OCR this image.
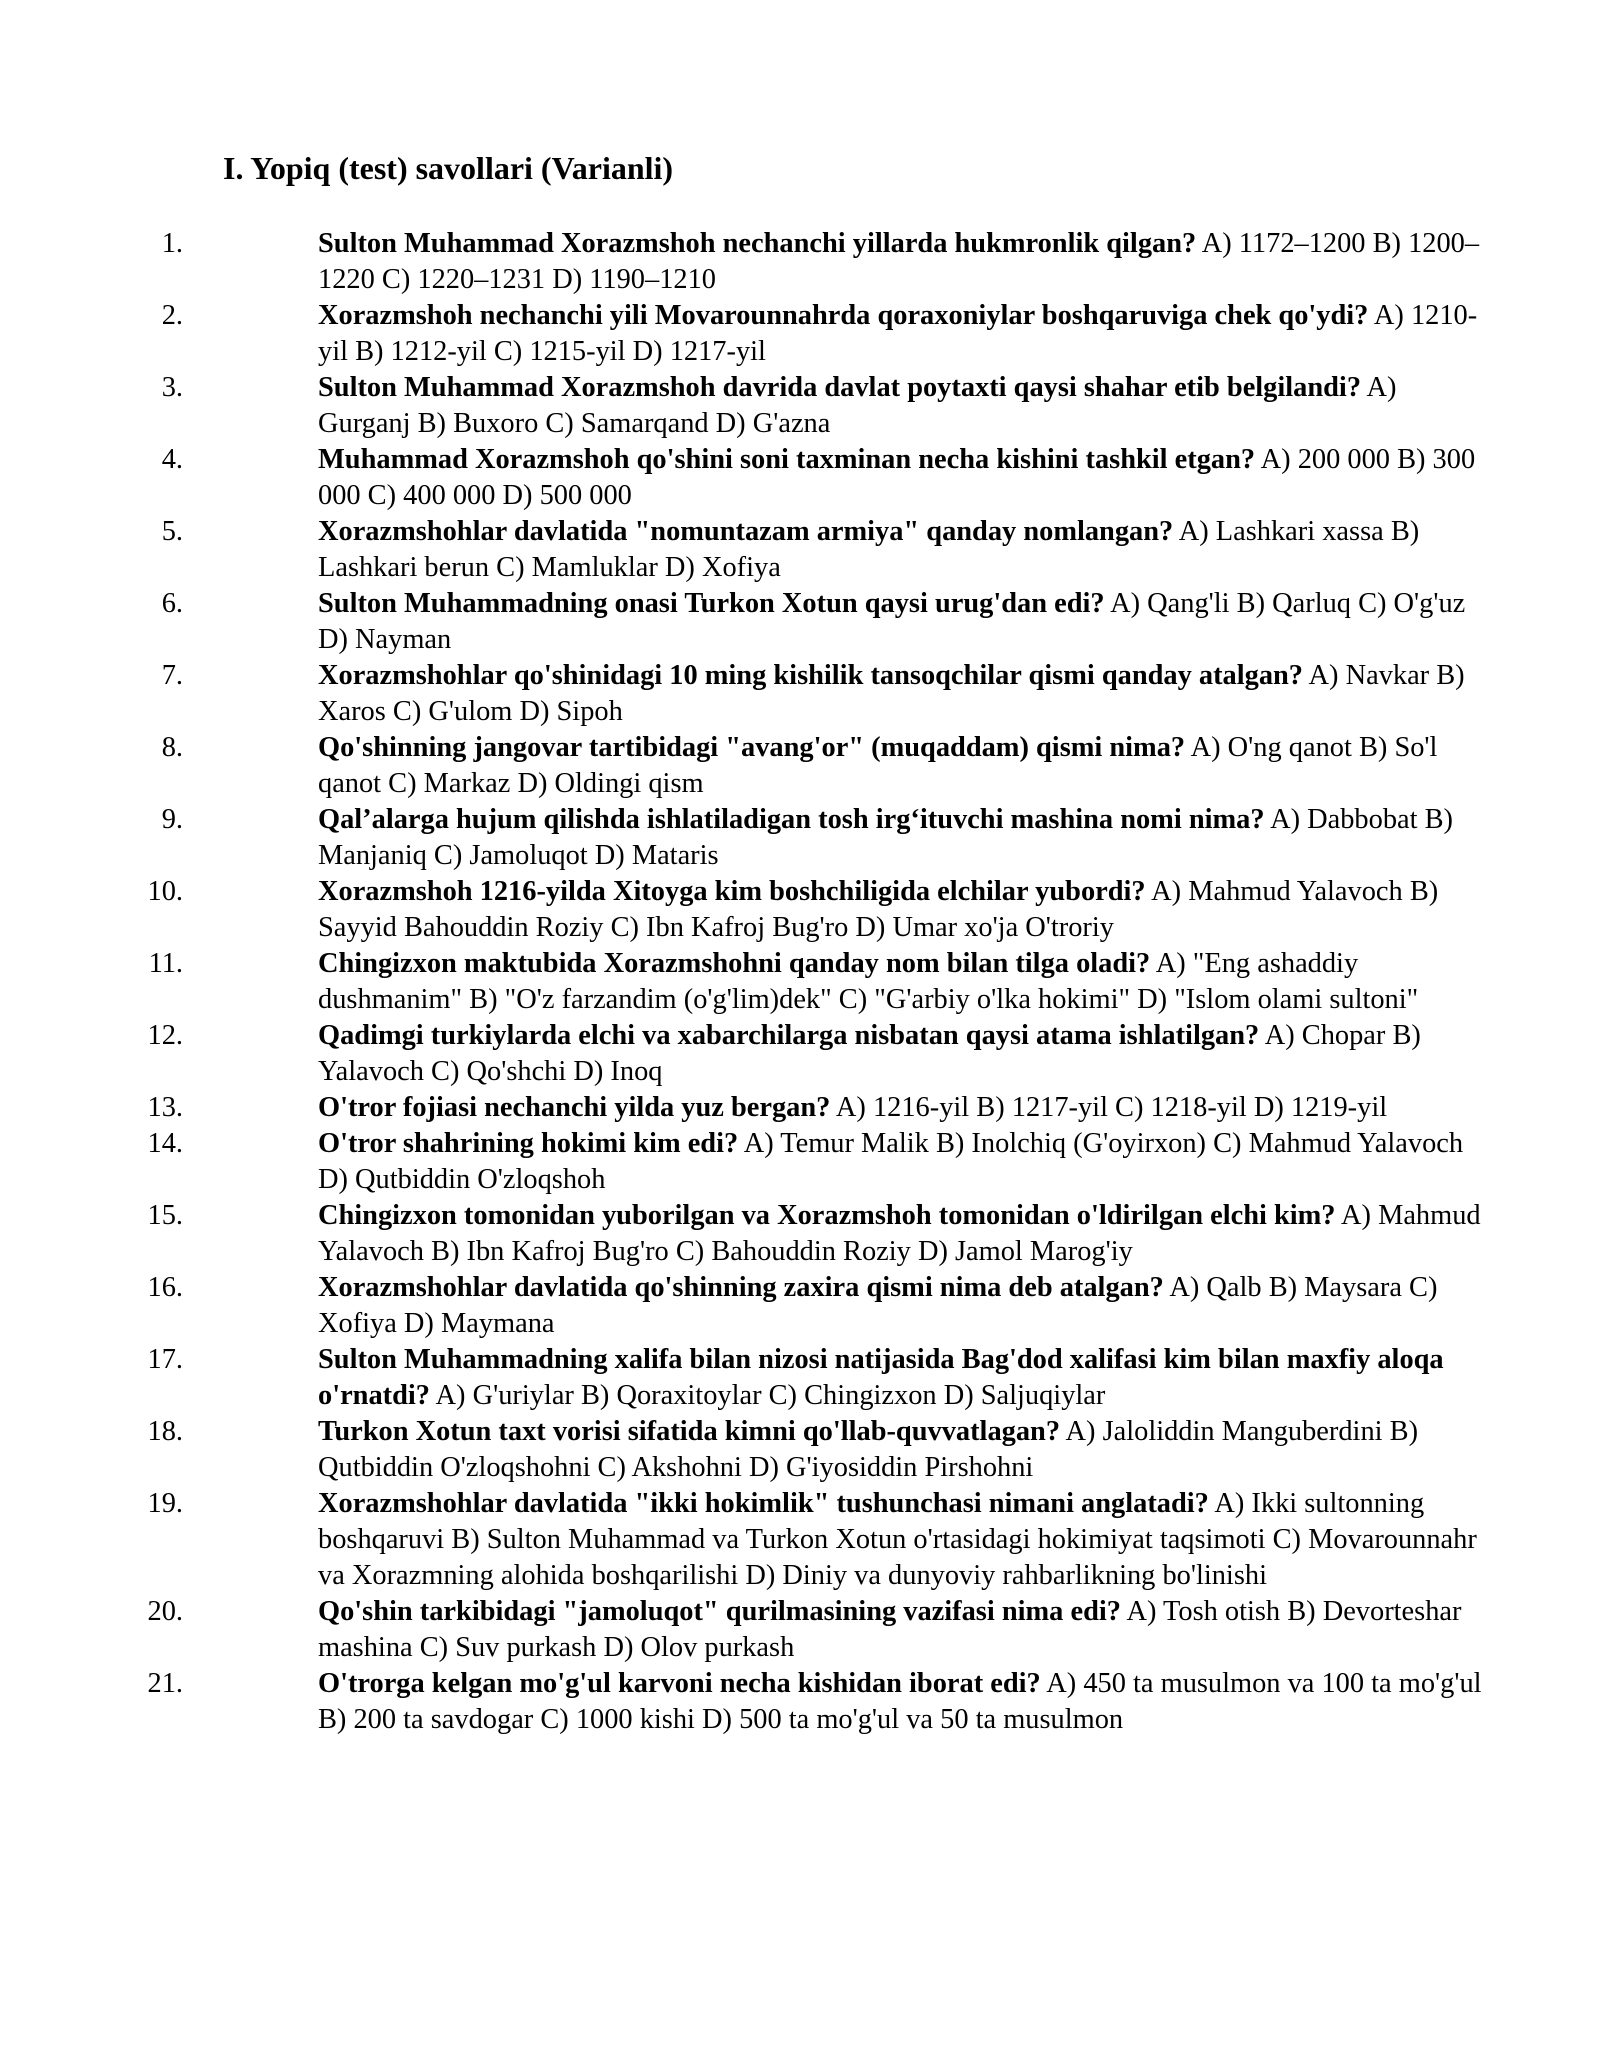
I. Yopiq (test) savollari (Varianli)
1.	Sulton Muhammad Xorazmshoh nechanchi yillarda hukmronlik qilgan? A) 1172–1200 B) 1200–1220 C) 1220–1231 D) 1190–1210
2.	Xorazmshoh nechanchi yili Movarounnahrda qoraxoniylar boshqaruviga chek qo'ydi? A) 1210-yil B) 1212-yil C) 1215-yil D) 1217-yil
3.	Sulton Muhammad Xorazmshoh davrida davlat poytaxti qaysi shahar etib belgilandi? A) Gurganj B) Buxoro C) Samarqand D) G'azna
4.	Muhammad Xorazmshoh qo'shini soni taxminan necha kishini tashkil etgan? A) 200 000 B) 300 000 C) 400 000 D) 500 000
5.	Xorazmshohlar davlatida "nomuntazam armiya" qanday nomlangan? A) Lashkari xassa B) Lashkari berun C) Mamluklar D) Xofiya
6.	Sulton Muhammadning onasi Turkon Xotun qaysi urug'dan edi? A) Qang'li B) Qarluq C) O'g'uz D) Nayman
7.	Xorazmshohlar qo'shinidagi 10 ming kishilik tansoqchilar qismi qanday atalgan? A) Navkar B) Xaros C) G'ulom D) Sipoh
8.	Qo'shinning jangovar tartibidagi "avang'or" (muqaddam) qismi nima? A) O'ng qanot B) So'l qanot C) Markaz D) Oldingi qism
9.	Qal’alarga hujum qilishda ishlatiladigan tosh irg‘ituvchi mashina nomi nima? A) Dabbobat B) Manjaniq C) Jamoluqot D) Mataris
10.	Xorazmshoh 1216-yilda Xitoyga kim boshchiligida elchilar yubordi? A) Mahmud Yalavoch B) Sayyid Bahouddin Roziy C) Ibn Kafroj Bug'ro D) Umar xo'ja O'troriy
11.	Chingizxon maktubida Xorazmshohni qanday nom bilan tilga oladi? A) "Eng ashaddiy dushmanim" B) "O'z farzandim (o'g'lim)dek" C) "G'arbiy o'lka hokimi" D) "Islom olami sultoni"
12.	Qadimgi turkiylarda elchi va xabarchilarga nisbatan qaysi atama ishlatilgan? A) Chopar B) Yalavoch C) Qo'shchi D) Inoq
13.	O'tror fojiasi nechanchi yilda yuz bergan? A) 1216-yil B) 1217-yil C) 1218-yil D) 1219-yil
14.	O'tror shahrining hokimi kim edi? A) Temur Malik B) Inolchiq (G'oyirxon) C) Mahmud Yalavoch D) Qutbiddin O'zloqshoh
15.	Chingizxon tomonidan yuborilgan va Xorazmshoh tomonidan o'ldirilgan elchi kim? A) Mahmud Yalavoch B) Ibn Kafroj Bug'ro C) Bahouddin Roziy D) Jamol Marog'iy
16.	Xorazmshohlar davlatida qo'shinning zaxira qismi nima deb atalgan? A) Qalb B) Maysara C) Xofiya D) Maymana
17.	Sulton Muhammadning xalifa bilan nizosi natijasida Bag'dod xalifasi kim bilan maxfiy aloqa o'rnatdi? A) G'uriylar B) Qoraxitoylar C) Chingizxon D) Saljuqiylar
18.	Turkon Xotun taxt vorisi sifatida kimni qo'llab-quvvatlagan? A) Jaloliddin Manguberdini B) Qutbiddin O'zloqshohni C) Akshohni D) G'iyosiddin Pirshohni
19.	Xorazmshohlar davlatida "ikki hokimlik" tushunchasi nimani anglatadi? A) Ikki sultonning boshqaruvi B) Sulton Muhammad va Turkon Xotun o'rtasidagi hokimiyat taqsimoti C) Movarounnahr va Xorazmning alohida boshqarilishi D) Diniy va dunyoviy rahbarlikning bo'linishi
20.	Qo'shin tarkibidagi "jamoluqot" qurilmasining vazifasi nima edi? A) Tosh otish B) Devorteshar mashina C) Suv purkash D) Olov purkash
21.	O'trorga kelgan mo'g'ul karvoni necha kishidan iborat edi? A) 450 ta musulmon va 100 ta mo'g'ul B) 200 ta savdogar C) 1000 kishi D) 500 ta mo'g'ul va 50 ta musulmon
